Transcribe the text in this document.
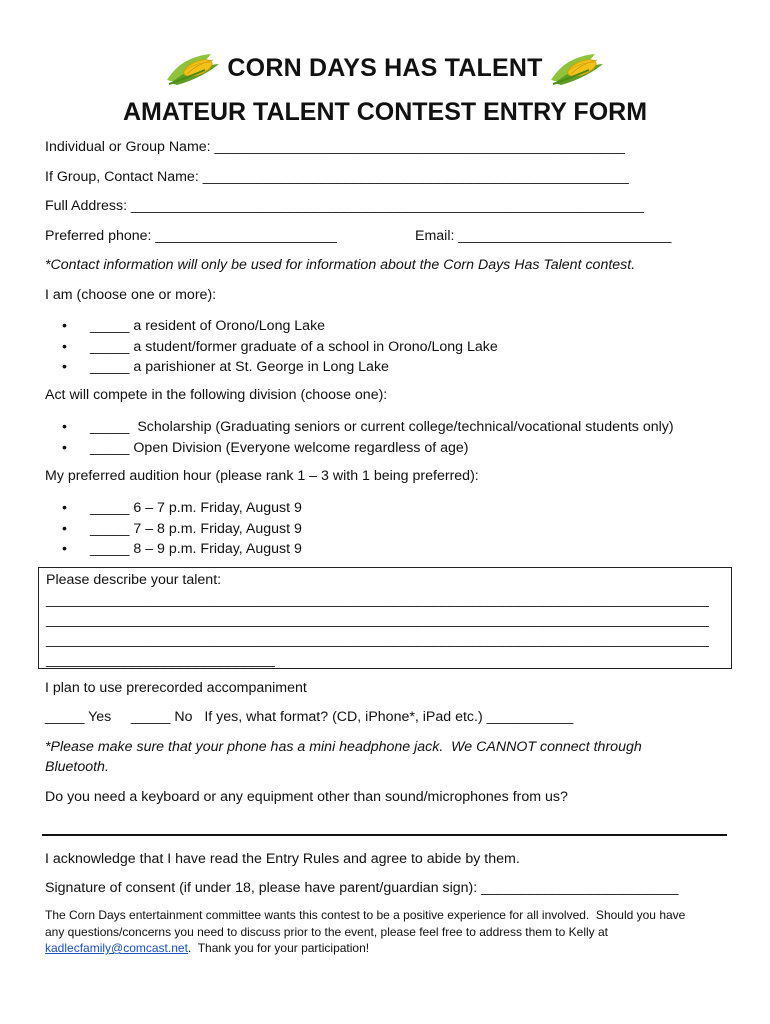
CORN DAYS HAS TALENT
AMATEUR TALENT CONTEST ENTRY FORM
Individual or Group Name: ____________________________________________________
If Group, Contact Name: ______________________________________________________
Full Address: _________________________________________________________________
Preferred phone: _______________________	Email: ___________________________
*Contact information will only be used for information about the Corn Days Has Talent contest.
I am (choose one or more):
• _____ a resident of Orono/Long Lake
• _____ a student/former graduate of a school in Orono/Long Lake
• _____ a parishioner at St. George in Long Lake
Act will compete in the following division (choose one):
• _____  Scholarship (Graduating seniors or current college/technical/vocational students only)
• _____ Open Division (Everyone welcome regardless of age)
My preferred audition hour (please rank 1 – 3 with 1 being preferred):
• _____ 6 – 7 p.m. Friday, August 9
• _____ 7 – 8 p.m. Friday, August 9
• _____ 8 – 9 p.m. Friday, August 9
Please describe your talent:
____________________________________________________________________________________
____________________________________________________________________________________
____________________________________________________________________________________
_____________________________
I plan to use prerecorded accompaniment
_____ Yes     _____ No   If yes, what format? (CD, iPhone*, iPad etc.) ___________
*Please make sure that your phone has a mini headphone jack.  We CANNOT connect through
Bluetooth.
Do you need a keyboard or any equipment other than sound/microphones from us?
I acknowledge that I have read the Entry Rules and agree to abide by them.
Signature of consent (if under 18, please have parent/guardian sign): _________________________
The Corn Days entertainment committee wants this contest to be a positive experience for all involved.  Should you have
any questions/concerns you need to discuss prior to the event, please feel free to address them to Kelly at
kadlecfamily@comcast.net.  Thank you for your participation!
